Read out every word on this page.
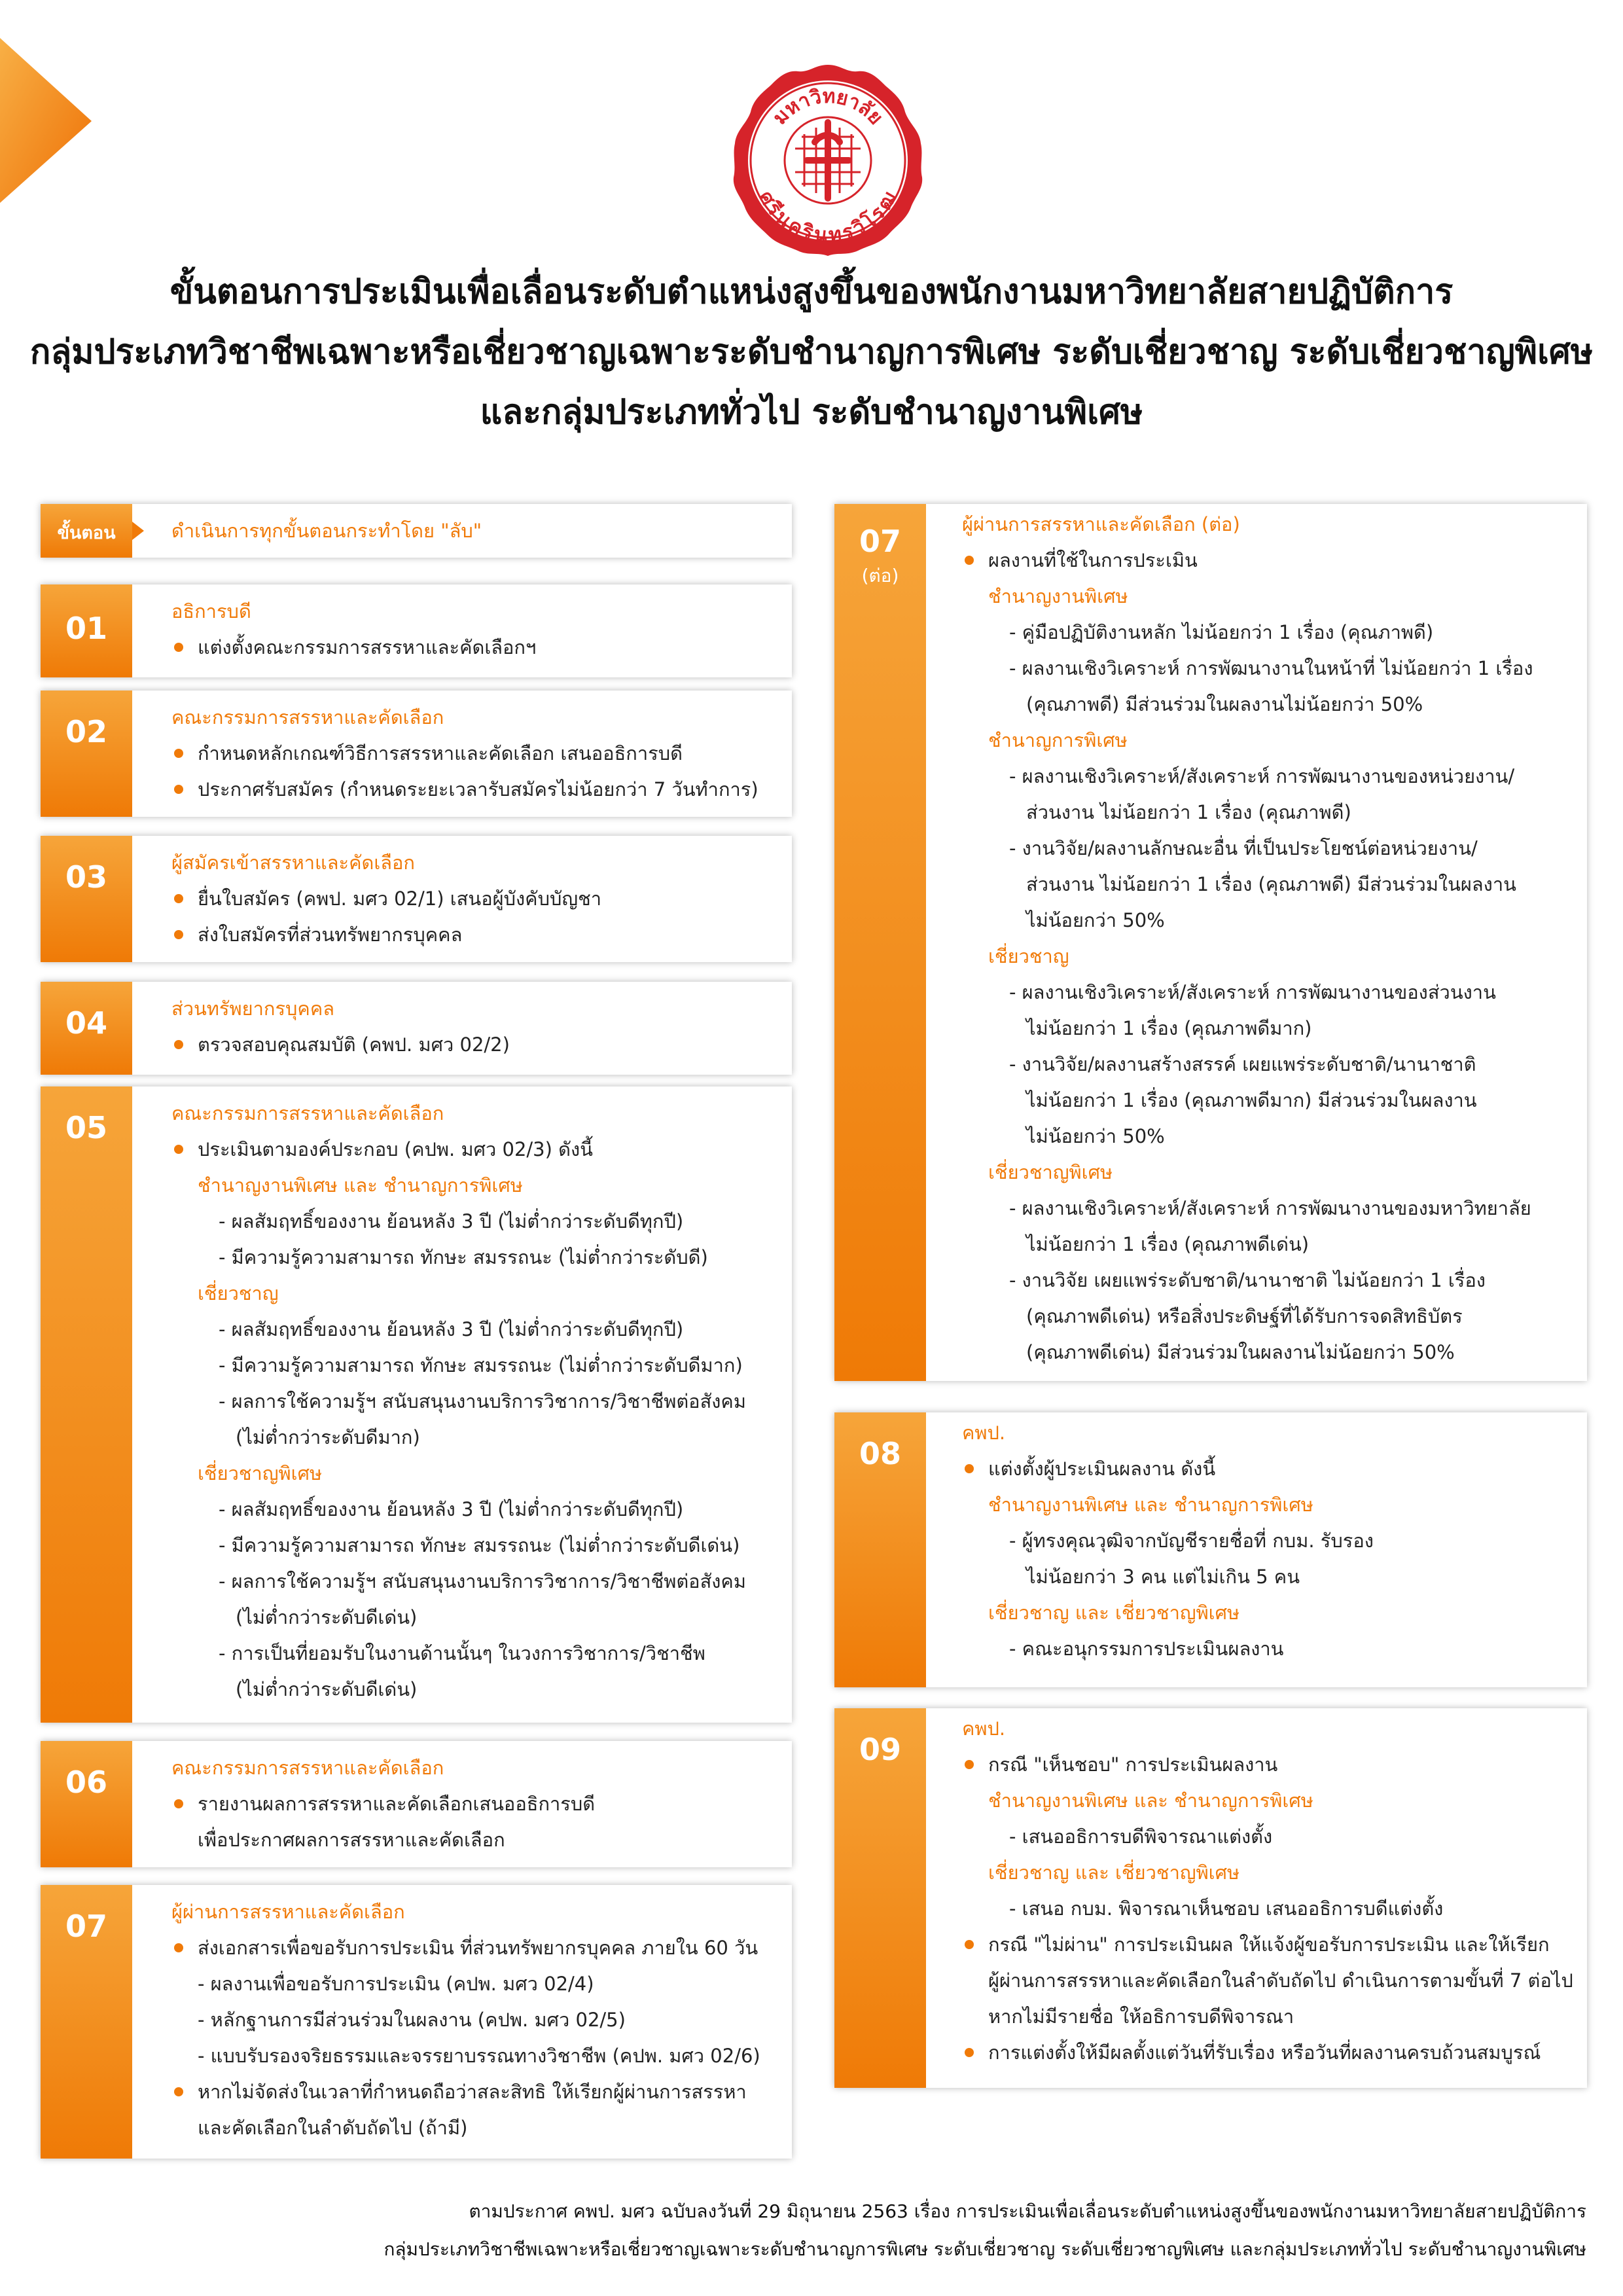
มหาวิทยาลัย
ศรีนครินทรวิโรฒ
ขั้นตอนการประเมินเพื่อเลื่อนระดับตำแหน่งสูงขึ้นของพนักงานมหาวิทยาลัยสายปฏิบัติการ
กลุ่มประเภทวิชาชีพเฉพาะหรือเชี่ยวชาญเฉพาะระดับชำนาญการพิเศษ ระดับเชี่ยวชาญ ระดับเชี่ยวชาญพิเศษ
และกลุ่มประเภททั่วไป ระดับชำนาญงานพิเศษ
ขั้นตอน	ดำเนินการทุกขั้นตอนกระทำโดย "ลับ"
01	อธิการบดี
แต่งตั้งคณะกรรมการสรรหาและคัดเลือกฯ
02	คณะกรรมการสรรหาและคัดเลือก
กำหนดหลักเกณฑ์วิธีการสรรหาและคัดเลือก เสนออธิการบดี
ประกาศรับสมัคร (กำหนดระยะเวลารับสมัครไม่น้อยกว่า 7 วันทำการ)
03	ผู้สมัครเข้าสรรหาและคัดเลือก
ยื่นใบสมัคร (คพป. มศว 02/1) เสนอผู้บังคับบัญชา
ส่งใบสมัครที่ส่วนทรัพยากรบุคคล
04	ส่วนทรัพยากรบุคคล
ตรวจสอบคุณสมบัติ (คพป. มศว 02/2)
05	คณะกรรมการสรรหาและคัดเลือก
ประเมินตามองค์ประกอบ (คปพ. มศว 02/3) ดังนี้
ชำนาญงานพิเศษ และ ชำนาญการพิเศษ
- ผลสัมฤทธิ์ของงาน ย้อนหลัง 3 ปี (ไม่ต่ำกว่าระดับดีทุกปี)
- มีความรู้ความสามารถ ทักษะ สมรรถนะ (ไม่ต่ำกว่าระดับดี)
เชี่ยวชาญ
- ผลสัมฤทธิ์ของงาน ย้อนหลัง 3 ปี (ไม่ต่ำกว่าระดับดีทุกปี)
- มีความรู้ความสามารถ ทักษะ สมรรถนะ (ไม่ต่ำกว่าระดับดีมาก)
- ผลการใช้ความรู้ฯ สนับสนุนงานบริการวิชาการ/วิชาชีพต่อสังคม
(ไม่ต่ำกว่าระดับดีมาก)
เชี่ยวชาญพิเศษ
- ผลสัมฤทธิ์ของงาน ย้อนหลัง 3 ปี (ไม่ต่ำกว่าระดับดีทุกปี)
- มีความรู้ความสามารถ ทักษะ สมรรถนะ (ไม่ต่ำกว่าระดับดีเด่น)
- ผลการใช้ความรู้ฯ สนับสนุนงานบริการวิชาการ/วิชาชีพต่อสังคม
(ไม่ต่ำกว่าระดับดีเด่น)
- การเป็นที่ยอมรับในงานด้านนั้นๆ ในวงการวิชาการ/วิชาชีพ
(ไม่ต่ำกว่าระดับดีเด่น)
06	คณะกรรมการสรรหาและคัดเลือก
รายงานผลการสรรหาและคัดเลือกเสนออธิการบดี
เพื่อประกาศผลการสรรหาและคัดเลือก
07	ผู้ผ่านการสรรหาและคัดเลือก
ส่งเอกสารเพื่อขอรับการประเมิน ที่ส่วนทรัพยากรบุคคล ภายใน 60 วัน
- ผลงานเพื่อขอรับการประเมิน (คปพ. มศว 02/4)
- หลักฐานการมีส่วนร่วมในผลงาน (คปพ. มศว 02/5)
- แบบรับรองจริยธรรมและจรรยาบรรณทางวิชาชีพ (คปพ. มศว 02/6)
หากไม่จัดส่งในเวลาที่กำหนดถือว่าสละสิทธิ ให้เรียกผู้ผ่านการสรรหา
และคัดเลือกในลำดับถัดไป (ถ้ามี)
07
(ต่อ)
ผู้ผ่านการสรรหาและคัดเลือก (ต่อ)
ผลงานที่ใช้ในการประเมิน
ชำนาญงานพิเศษ
- คู่มือปฏิบัติงานหลัก ไม่น้อยกว่า 1 เรื่อง (คุณภาพดี)
- ผลงานเชิงวิเคราะห์ การพัฒนางานในหน้าที่ ไม่น้อยกว่า 1 เรื่อง
(คุณภาพดี) มีส่วนร่วมในผลงานไม่น้อยกว่า 50%
ชำนาญการพิเศษ
- ผลงานเชิงวิเคราะห์/สังเคราะห์ การพัฒนางานของหน่วยงาน/
ส่วนงาน ไม่น้อยกว่า 1 เรื่อง (คุณภาพดี)
- งานวิจัย/ผลงานลักษณะอื่น ที่เป็นประโยชน์ต่อหน่วยงาน/
ส่วนงาน ไม่น้อยกว่า 1 เรื่อง (คุณภาพดี) มีส่วนร่วมในผลงาน
ไม่น้อยกว่า 50%
เชี่ยวชาญ
- ผลงานเชิงวิเคราะห์/สังเคราะห์ การพัฒนางานของส่วนงาน
ไม่น้อยกว่า 1 เรื่อง (คุณภาพดีมาก)
- งานวิจัย/ผลงานสร้างสรรค์ เผยแพร่ระดับชาติ/นานาชาติ
ไม่น้อยกว่า 1 เรื่อง (คุณภาพดีมาก) มีส่วนร่วมในผลงาน
ไม่น้อยกว่า 50%
เชี่ยวชาญพิเศษ
- ผลงานเชิงวิเคราะห์/สังเคราะห์ การพัฒนางานของมหาวิทยาลัย
ไม่น้อยกว่า 1 เรื่อง (คุณภาพดีเด่น)
- งานวิจัย เผยแพร่ระดับชาติ/นานาชาติ ไม่น้อยกว่า 1 เรื่อง
(คุณภาพดีเด่น) หรือสิ่งประดิษฐ์ที่ได้รับการจดสิทธิบัตร
(คุณภาพดีเด่น) มีส่วนร่วมในผลงานไม่น้อยกว่า 50%
08
คพป.
แต่งตั้งผู้ประเมินผลงาน ดังนี้
ชำนาญงานพิเศษ และ ชำนาญการพิเศษ
- ผู้ทรงคุณวุฒิจากบัญชีรายชื่อที่ กบม. รับรอง
ไม่น้อยกว่า 3 คน แต่ไม่เกิน 5 คน
เชี่ยวชาญ และ เชี่ยวชาญพิเศษ
- คณะอนุกรรมการประเมินผลงาน
09
คพป.
กรณี "เห็นชอบ" การประเมินผลงาน
ชำนาญงานพิเศษ และ ชำนาญการพิเศษ
- เสนออธิการบดีพิจารณาแต่งตั้ง
เชี่ยวชาญ และ เชี่ยวชาญพิเศษ
- เสนอ กบม. พิจารณาเห็นชอบ เสนออธิการบดีแต่งตั้ง
กรณี "ไม่ผ่าน" การประเมินผล ให้แจ้งผู้ขอรับการประเมิน และให้เรียก
ผู้ผ่านการสรรหาและคัดเลือกในลำดับถัดไป ดำเนินการตามขั้นที่ 7 ต่อไป
หากไม่มีรายชื่อ ให้อธิการบดีพิจารณา
การแต่งตั้งให้มีผลตั้งแต่วันที่รับเรื่อง หรือวันที่ผลงานครบถ้วนสมบูรณ์
ตามประกาศ คพป. มศว ฉบับลงวันที่ 29 มิถุนายน 2563 เรื่อง การประเมินเพื่อเลื่อนระดับตำแหน่งสูงขึ้นของพนักงานมหาวิทยาลัยสายปฏิบัติการ
กลุ่มประเภทวิชาชีพเฉพาะหรือเชี่ยวชาญเฉพาะระดับชำนาญการพิเศษ ระดับเชี่ยวชาญ ระดับเชี่ยวชาญพิเศษ และกลุ่มประเภททั่วไป ระดับชำนาญงานพิเศษ
